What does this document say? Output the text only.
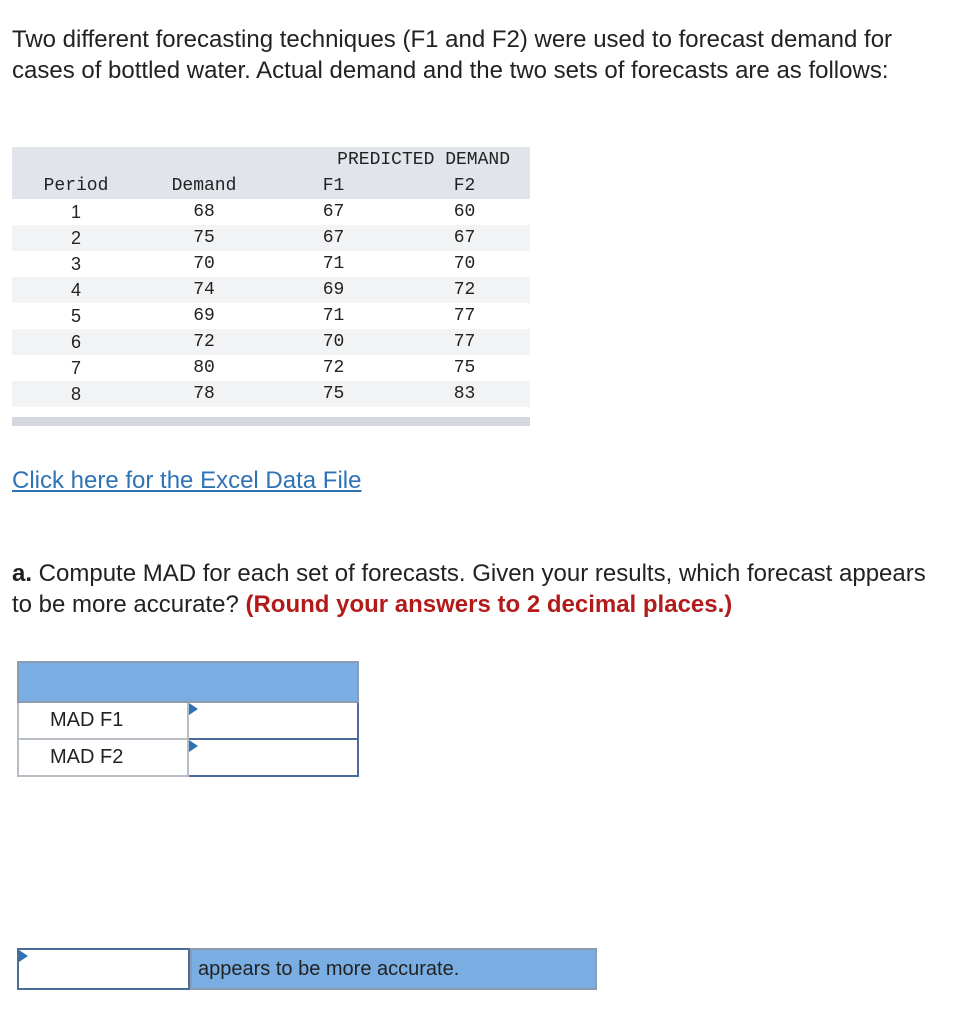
Two different forecasting techniques (F1 and F2) were used to forecast demand for cases of bottled water. Actual demand and the two sets of forecasts are as follows:

		PREDICTED DEMAND	
Period	Demand	F1	F2
1	68	67	60
2	75	67	67
3	70	71	70
4	74	69	72
5	69	71	77
6	72	70	77
7	80	72	75
8	78	75	83
Click here for the Excel Data File

a. Compute MAD for each set of forecasts. Given your results, which forecast appears to be more accurate? (Round your answers to 2 decimal places.)

MAD F1	

MAD F2	
appears to be more accurate.
